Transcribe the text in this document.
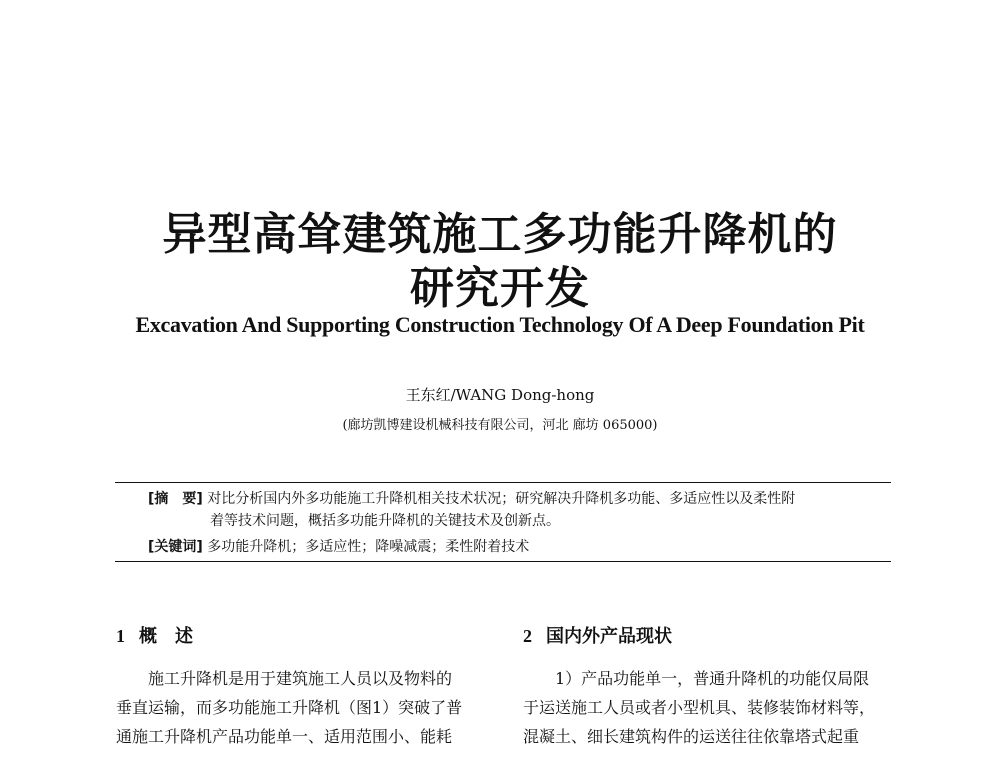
异型高耸建筑施工多功能升降机的
研究开发
Excavation And Supporting Construction Technology Of A Deep Foundation Pit
王东红/WANG Dong-hong
(廊坊凯博建设机械科技有限公司，河北 廊坊 065000)
[摘　要] 对比分析国内外多功能施工升降机相关技术状况；研究解决升降机多功能、多适应性以及柔性附
着等技术问题，概括多功能升降机的关键技术及创新点。
[关键词] 多功能升降机；多适应性；降噪减震；柔性附着技术
1 概　述	2 国内外产品现状
　　施工升降机是用于建筑施工人员以及物料的
垂直运输，而多功能施工升降机（图1）突破了普
通施工升降机产品功能单一、适用范围小、能耗
　　1）产品功能单一，普通升降机的功能仅局限
于运送施工人员或者小型机具、装修装饰材料等，
混凝土、细长建筑构件的运送往往依靠塔式起重
